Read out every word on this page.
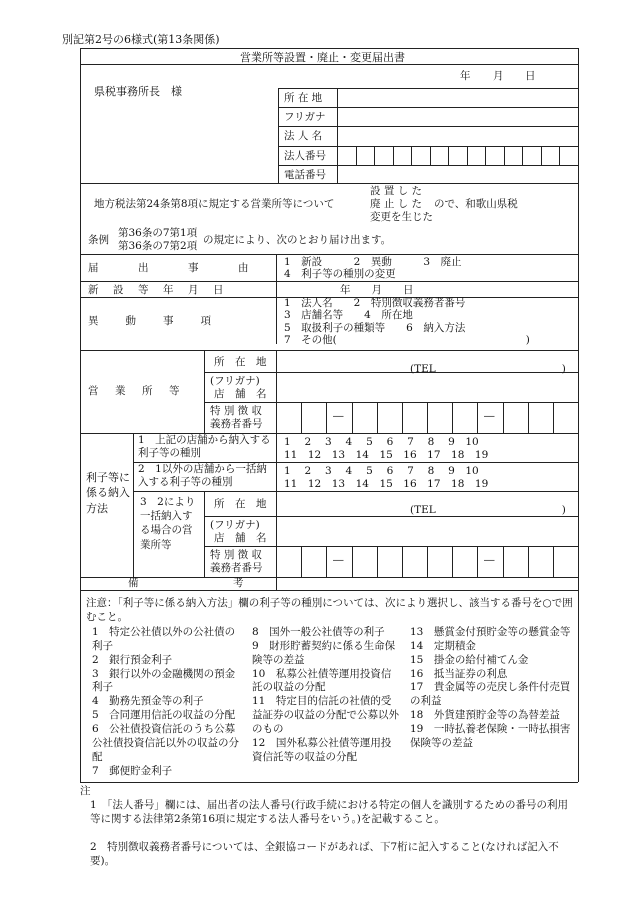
別記第2号の6様式(第13条関係)
営業所等設置・廃止・変更届出書
年 月 日
県税事務所長　様	所 在 地
フリガナ
法 人 名
法人番号
電話番号
設 置 し た
廃 止 し た
変更を生じた
地方税法第24条第8項に規定する営業所等について	ので、和歌山県税
条例
第36条の7第1項
第36条の7第2項 の規定により、次のとおり届け出ます。
届　　　出　　　事　　　由	1　新設　　　2　異動　　　3　廃止
4　利子等の種別の変更
新　設　等　年　月　日	年　　月　　日
異　　動　　事　　項
1　法人名　　2　特別徴収義務者番号
3　店舗名等　　4　所在地
5　取扱利子の種類等　　6　納入方法
7　その他(　　　　　　　　　　　　　　　　　　)
営　業　所　等
所　在　地
(TEL　　　　　　　　　　　　)
(フリガナ)
店　舗　名
特 別 徴 収
義務者番号
―	―
利子等に係る納入方法
1　上記の店舗から納入する利子等の種別
1　 2　 3　 4　 5　 6　 7　 8　 9　10
11　12　13　14　15　16　17　18　19
2　1以外の店舗から一括納入する利子等の種別
1　 2　 3　 4　 5　 6　 7　 8　 9　10
11　12　13　14　15　16　17　18　19
3　2により一括納入する場合の営業所等
所　在　地	(TEL　　　　　　　　　　　　)
(フリガナ)
店　舗　名
特 別 徴 収
義務者番号
―	―
備　　　　　　　　　考
注意：「利子等に係る納入方法」欄の利子等の種別については、次により選択し、該当する番号を○で囲むこと。
1　特定公社債以外の公社債の利子
2　銀行預金利子
3　銀行以外の金融機関の預金利子
4　勤務先預金等の利子
5　合同運用信託の収益の分配
6　公社債投資信託のうち公募公社債投資信託以外の収益の分配
7　郵便貯金利子
8　国外一般公社債等の利子
9　財形貯蓄契約に係る生命保険等の差益
10　私募公社債等運用投資信託の収益の分配
11　特定目的信託の社債的受益証券の収益の分配で公募以外のもの
12　国外私募公社債等運用投資信託等の収益の分配
13　懸賞金付預貯金等の懸賞金等
14　定期積金
15　掛金の給付補てん金
16　抵当証券の利息
17　貴金属等の売戻し条件付売買の利益
18　外貨建預貯金等の為替差益
19　一時払養老保険・一時払損害保険等の差益
注
1　「法人番号」欄には、届出者の法人番号(行政手続における特定の個人を識別するための番号の利用等に関する法律第2条第16項に規定する法人番号をいう。)を記載すること。
2　特別徴収義務者番号については、全銀協コードがあれば、下7桁に記入すること(なければ記入不要)。
